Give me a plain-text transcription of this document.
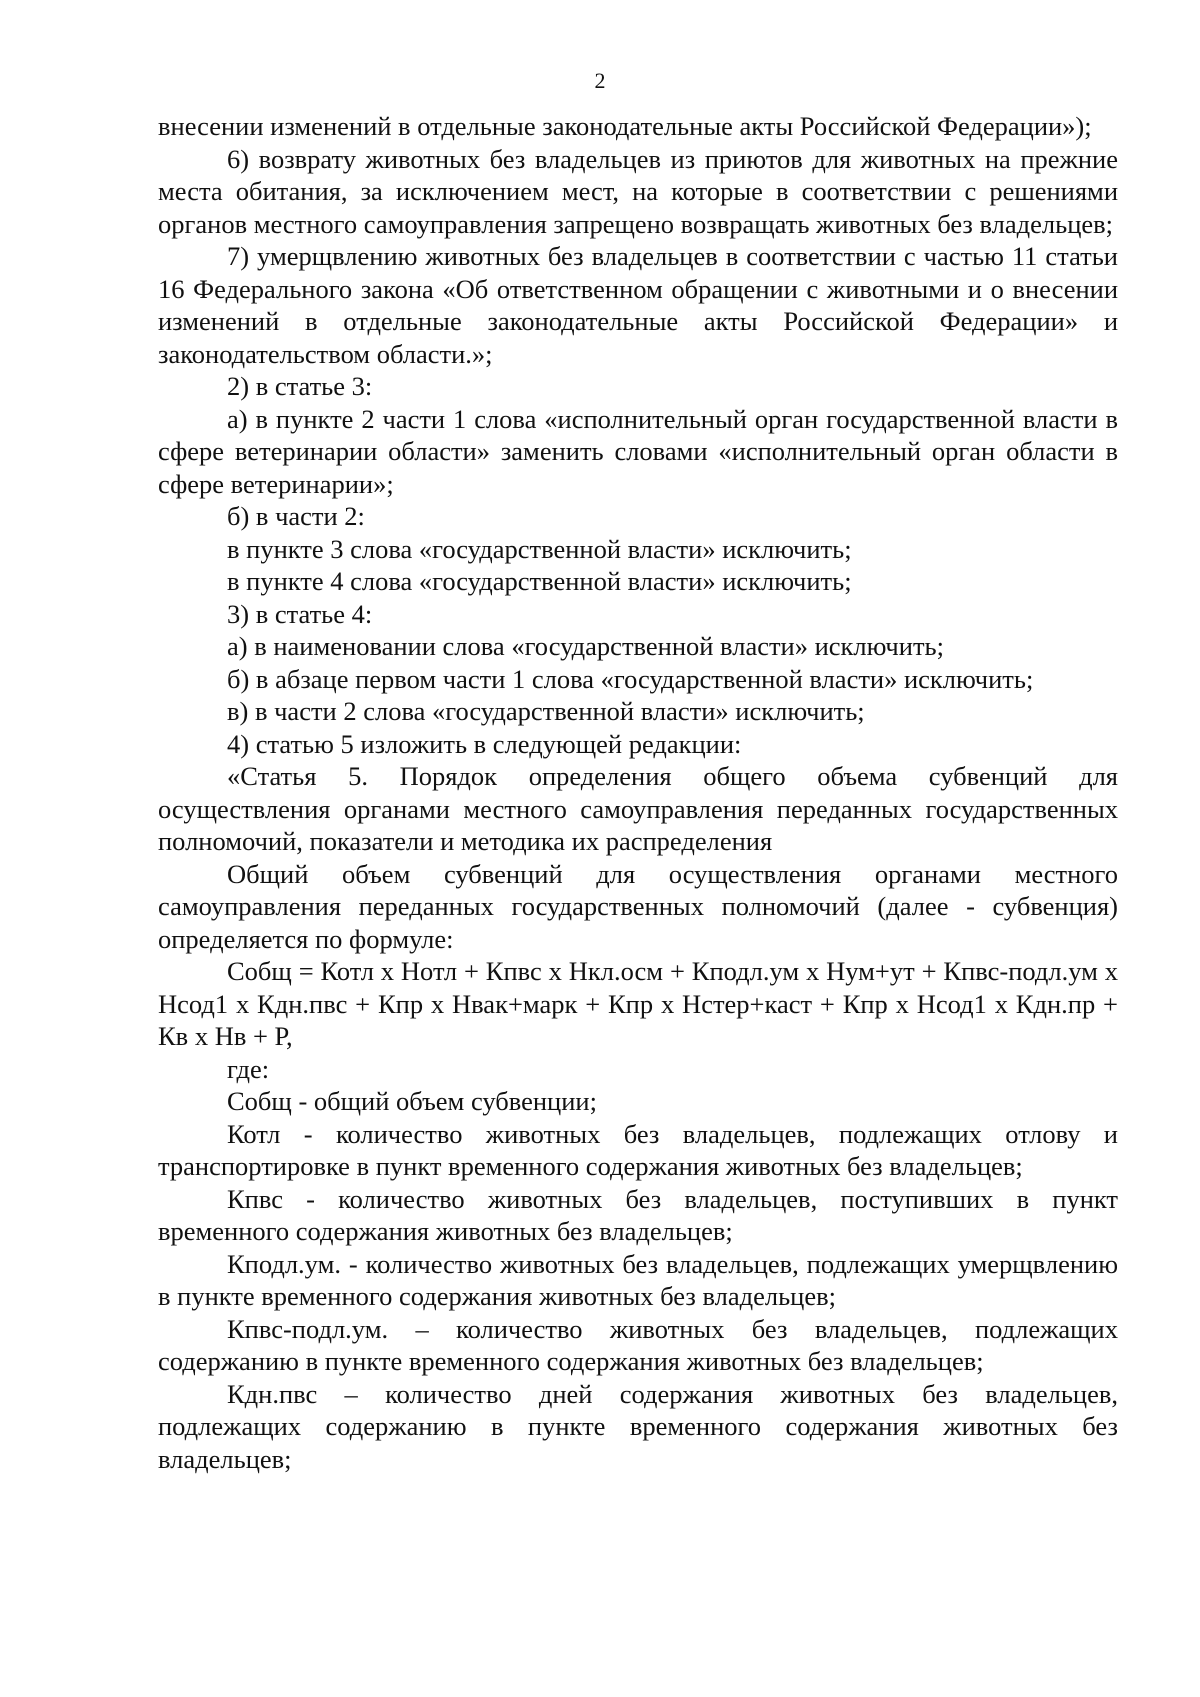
2

внесении изменений в отдельные законодательные акты Российской Федерации»);

6) возврату животных без владельцев из приютов для животных на прежние места обитания, за исключением мест, на которые в соответствии с решениями органов местного самоуправления запрещено возвращать животных без владельцев;

7) умерщвлению животных без владельцев в соответствии с частью 11 статьи 16 Федерального закона «Об ответственном обращении с животными и о внесении изменений в отдельные законодательные акты Российской Федерации» и законодательством области.»;

2) в статье 3:

а) в пункте 2 части 1 слова «исполнительный орган государственной власти в сфере ветеринарии области» заменить словами «исполнительный орган области в сфере ветеринарии»;

б) в части 2:

в пункте 3 слова «государственной власти» исключить;

в пункте 4 слова «государственной власти» исключить;

3) в статье 4:

а) в наименовании слова «государственной власти» исключить;

б) в абзаце первом части 1 слова «государственной власти» исключить;

в) в части 2 слова «государственной власти» исключить;

4) статью 5 изложить в следующей редакции:

«Статья 5. Порядок определения общего объема субвенций для осуществления органами местного самоуправления переданных государственных полномочий, показатели и методика их распределения

Общий объем субвенций для осуществления органами местного самоуправления переданных государственных полномочий (далее - субвенция) определяется по формуле:

Собщ = Котл х Нотл + Кпвс х Нкл.осм + Кподл.ум х Нум+ут + Кпвс-подл.ум х Нсод1 х Кдн.пвс + Кпр х Нвак+марк + Кпр х Нстер+каст + Кпр х Нсод1 х Кдн.пр + Кв х Нв + Р,

где:

Собщ - общий объем субвенции;

Котл - количество животных без владельцев, подлежащих отлову и транспортировке в пункт временного содержания животных без владельцев;

Кпвс - количество животных без владельцев, поступивших в пункт временного содержания животных без владельцев;

Кподл.ум. - количество животных без владельцев, подлежащих умерщвлению в пункте временного содержания животных без владельцев;

Кпвс-подл.ум. – количество животных без владельцев, подлежащих содержанию в пункте временного содержания животных без владельцев;

Кдн.пвс – количество дней содержания животных без владельцев, подлежащих содержанию в пункте временного содержания животных без владельцев;
